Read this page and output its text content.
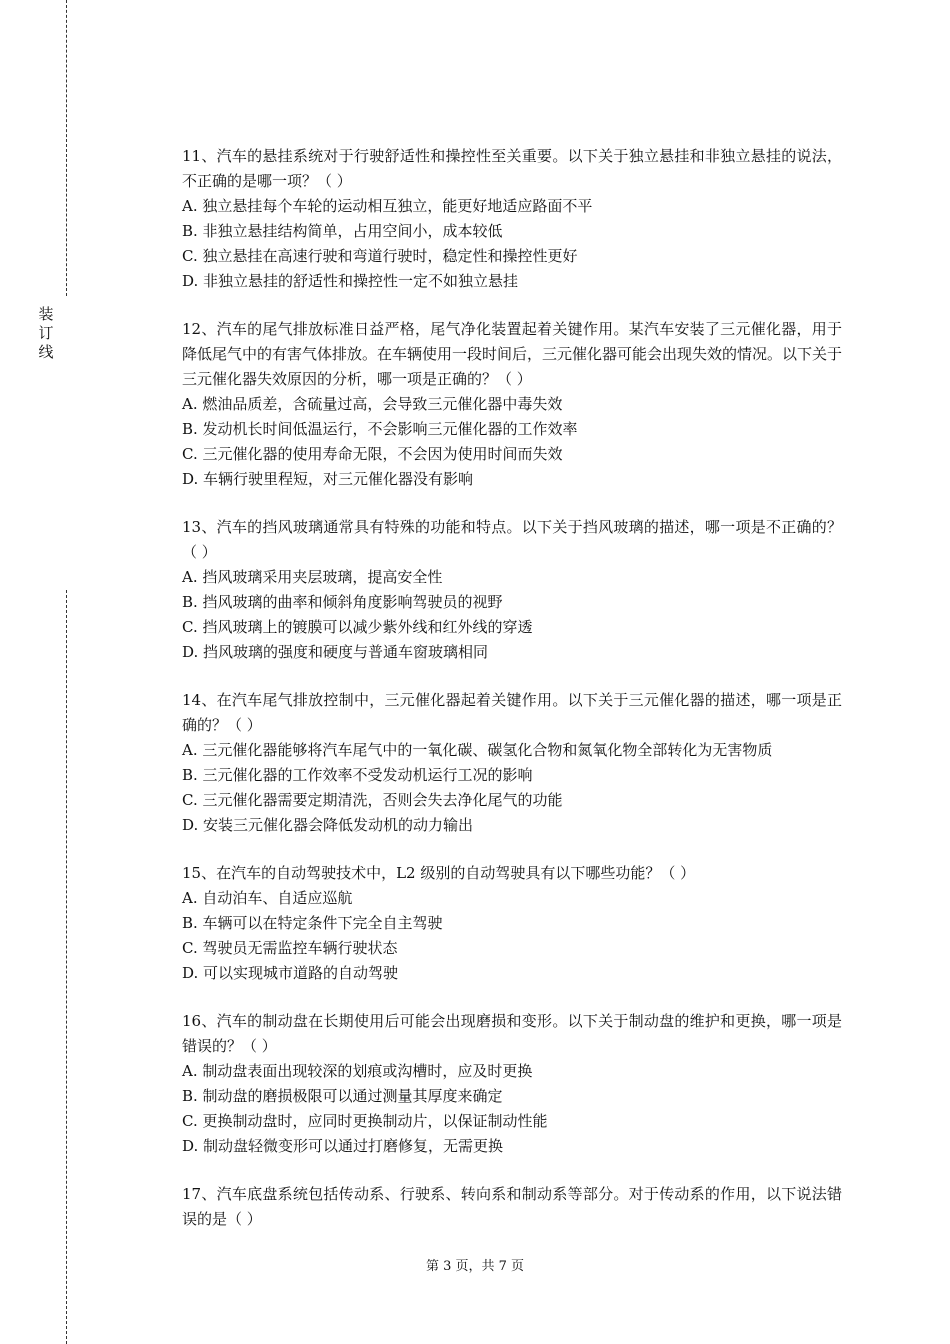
装
订
线

11、汽车的悬挂系统对于行驶舒适性和操控性至关重要。以下关于独立悬挂和非独立悬挂的说法，不正确的是哪一项？（ ）

A. 独立悬挂每个车轮的运动相互独立，能更好地适应路面不平

B. 非独立悬挂结构简单，占用空间小，成本较低

C. 独立悬挂在高速行驶和弯道行驶时，稳定性和操控性更好

D. 非独立悬挂的舒适性和操控性一定不如独立悬挂

12、汽车的尾气排放标准日益严格，尾气净化装置起着关键作用。某汽车安装了三元催化器，用于降低尾气中的有害气体排放。在车辆使用一段时间后，三元催化器可能会出现失效的情况。以下关于三元催化器失效原因的分析，哪一项是正确的？（ ）

A. 燃油品质差，含硫量过高，会导致三元催化器中毒失效

B. 发动机长时间低温运行，不会影响三元催化器的工作效率

C. 三元催化器的使用寿命无限，不会因为使用时间而失效

D. 车辆行驶里程短，对三元催化器没有影响

13、汽车的挡风玻璃通常具有特殊的功能和特点。以下关于挡风玻璃的描述，哪一项是不正确的？（ ）

A. 挡风玻璃采用夹层玻璃，提高安全性

B. 挡风玻璃的曲率和倾斜角度影响驾驶员的视野

C. 挡风玻璃上的镀膜可以减少紫外线和红外线的穿透

D. 挡风玻璃的强度和硬度与普通车窗玻璃相同

14、在汽车尾气排放控制中，三元催化器起着关键作用。以下关于三元催化器的描述，哪一项是正确的？（ ）

A. 三元催化器能够将汽车尾气中的一氧化碳、碳氢化合物和氮氧化物全部转化为无害物质

B. 三元催化器的工作效率不受发动机运行工况的影响

C. 三元催化器需要定期清洗，否则会失去净化尾气的功能

D. 安装三元催化器会降低发动机的动力输出

15、在汽车的自动驾驶技术中，L2 级别的自动驾驶具有以下哪些功能？（ ）

A. 自动泊车、自适应巡航

B. 车辆可以在特定条件下完全自主驾驶

C. 驾驶员无需监控车辆行驶状态

D. 可以实现城市道路的自动驾驶

16、汽车的制动盘在长期使用后可能会出现磨损和变形。以下关于制动盘的维护和更换，哪一项是错误的？（ ）

A. 制动盘表面出现较深的划痕或沟槽时，应及时更换

B. 制动盘的磨损极限可以通过测量其厚度来确定

C. 更换制动盘时，应同时更换制动片，以保证制动性能

D. 制动盘轻微变形可以通过打磨修复，无需更换

17、汽车底盘系统包括传动系、行驶系、转向系和制动系等部分。对于传动系的作用，以下说法错误的是（ ）

第 3 页，共 7 页
